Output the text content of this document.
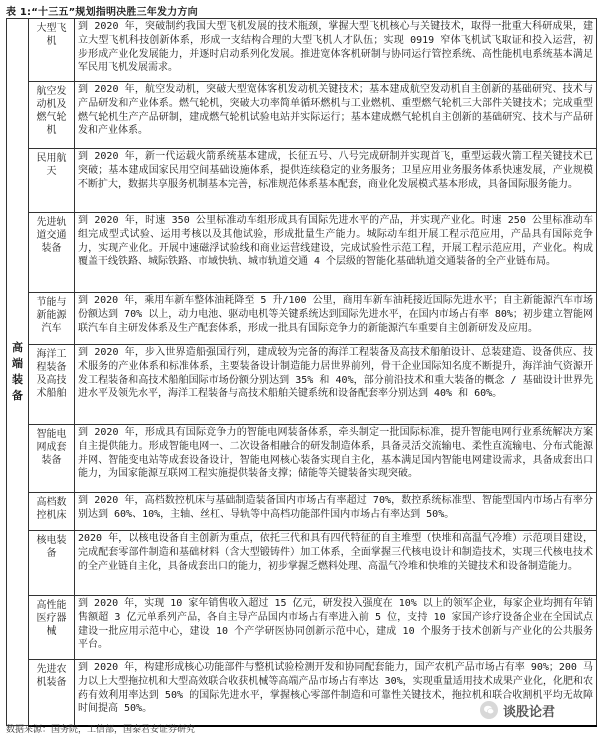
表 1:“十三五”规划指明决胜三年发力方向
高端装备	大型飞机	到 2020 年，突破制约我国大型飞机发展的技术瓶颈，掌握大型飞机核心与关键技术，取得一批重大科研成果，建立大型飞机科技创新体系，形成一支结构合理的大型飞机人才队伍；实现 0919 窄体飞机试飞取证和投入运营，初步形成产业化发展能力，并逐时启动系列化发展。推进宽体客机研制与协同运行管控系统、高性能机电系统基本满足军民用飞机发展需求。
	航空发动机及燃气轮机	到 2020 年，航空发动机，突破大型宽体客机发动机关键技术；基本建成航空发动机自主创新的基础研究、技术与产品研发和产业体系。燃气轮机，突破大功率简单循环燃机与工业燃机、重型燃气轮机三大部件关键技术；完成重型燃气轮机生产产品研制，建成燃气轮机试验电站并实际运行；基本建成燃气轮机自主创新的基础研究、技术与产品研发和产业体系。
	民用航天	到 2020 年，新一代运载火箭系统基本建成，长征五号、八号完成研制并实现首飞，重型运载火箭工程关键技术已突破；基本建成国家民用空间基础设施体系，提供连续稳定的业务服务；卫星应用业务服务体系快速发展，产业规模不断扩大，数据共享服务机制基本完善，标准规范体系基本配套，商业化发展模式基本形成，具备国际服务能力。
	先进轨道交通装备	到 2020 年，时速 350 公里标准动车组形成具有国际先进水平的产品，并实现产业化。时速 250 公里标准动车组完成型式试验、运用考核以及其他试验，形成批量生产能力。城际动车组开展工程示范应用，产品具有国际竞争力，实现产业化。开展中速磁浮试验线和商业运营线建设，完成试验性示范工程，开展工程示范应用，产业化。构成覆盖干线铁路、城际铁路、市域快轨、城市轨道交通 4 个层级的智能化基础轨道交通装备的全产业链布局。
	节能与新能源汽车	到 2020 年，乘用车新车整体油耗降至 5 升/100 公里，商用车新车油耗接近国际先进水平；自主新能源汽车市场份额达到 70% 以上，动力电池、驱动电机等关键系统达到国际先进水平，在国内市场占有率 80%；初步建立智能网联汽车自主研发体系及生产配套体系，形成一批具有国际竞争力的新能源汽车重要自主创新研发及应用。
	海洋工程装备及高技术船舶	到 2020 年，步入世界造船强国行列，建成较为完备的海洋工程装备及高技术船舶设计、总装建造、设备供应、技术服务的产业体系和标准体系，主要装备设计制造能力居世界前列，骨干企业国际知名度不断提升，海洋油气资源开发工程装备和高技术船舶国际市场份额分别达到 35% 和 40%，部分前沿技术和重大装备的概念 / 基础设计世界先进水平及领先水平，海洋工程装备与高技术船舶关键系统和设备配套率分别达到 40% 和 60%。
	智能电网成套装备	到 2020 年，形成具有国际竞争力的智能电网装备体系，牵头制定一批国际标准，提升智能电网行业系统解决方案自主提供能力。形成智能电网一、二次设备相融合的研发制造体系，具备灵活交流输电、柔性直流输电、分布式能源并网、智能变电站等成套设备设计，智能电网核心装备实现自主化，基本满足国内智能电网建设需求，具备成套出口能力，为国家能源互联网工程实施提供装备支撑；储能等关键装备实现突破。
	高档数控机床	到 2020 年，高档数控机床与基础制造装备国内市场占有率超过 70%，数控系统标准型、智能型国内市场占有率分别达到 60%、10%，主轴、丝杠、导轨等中高档功能部件国内市场占有率达到 50%。
	核电装备	2020 年，以核电设备自主创新为重点，依托三代和具有四代特征的自主堆型（快堆和高温气冷堆）示范项目建设，完成配套零部件制造和基础材料（含大型锻铸件）加工体系，全面掌握三代核电设计和制造技术，实现三代核电技术的全产业链自主化，具备成套出口的能力，初步掌握乏燃料处理、高温气冷堆和快堆的关键技术和设备制造能力。
	高性能医疗器械	到 2020 年，实现 10 家年销售收入超过 15 亿元，研发投入强度在 10% 以上的领军企业，每家企业均拥有年销售额超 3 亿元单系列产品，各自主导产品国内市场占有率进入前 5 位，支持 10 家国产诊疗设备企业在全国试点建设一批应用示范中心，建设 10 个产学研医协同创新示范中心，建成 10 个服务于技术创新与产业化的公共服务平台。
	先进农机装备	到 2020 年，构建形成核心功能部件与整机试验检测开发和协同配套能力，国产农机产品市场占有率 90%；200 马力以上大型拖拉机和大型高效联合收获机械等高端产品市场占有率达 30%，实现重量适用技术成果产业化，化肥和农药有效利用率达到 50% 的国际先进水平，掌握核心零部件制造和可靠性关键技术，拖拉机和联合收割机平均无故障时间提高 50%。
数据来源：国务院，工信部，国泰君安证券研究
谈股论君
